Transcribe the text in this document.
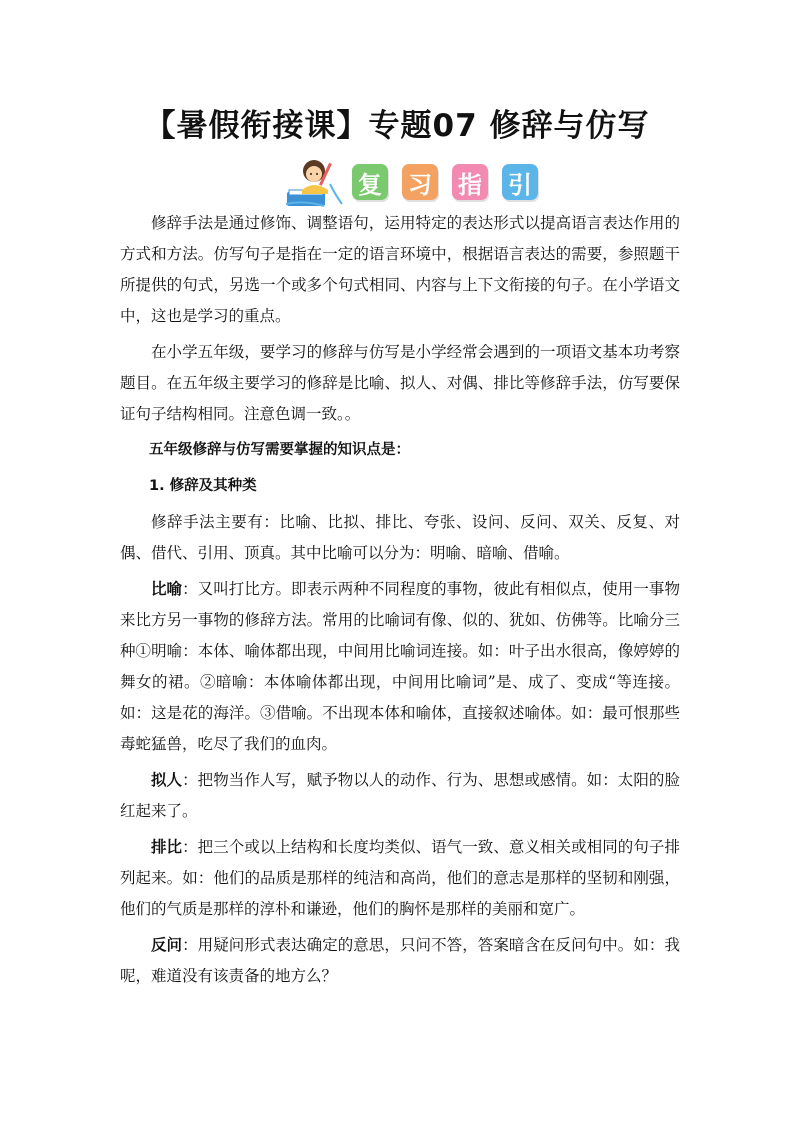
【暑假衔接课】专题07 修辞与仿写
复 习 指 引

修辞手法是通过修饰、调整语句，运用特定的表达形式以提高语言表达作用的方式和方法。仿写句子是指在一定的语言环境中，根据语言表达的需要，参照题干所提供的句式，另选一个或多个句式相同、内容与上下文衔接的句子。在小学语文中，这也是学习的重点。

在小学五年级，要学习的修辞与仿写是小学经常会遇到的一项语文基本功考察题目。在五年级主要学习的修辞是比喻、拟人、对偶、排比等修辞手法，仿写要保证句子结构相同。注意色调一致。。

五年级修辞与仿写需要掌握的知识点是：

1. 修辞及其种类

修辞手法主要有：比喻、比拟、排比、夸张、设问、反问、双关、反复、对偶、借代、引用、顶真。其中比喻可以分为：明喻、暗喻、借喻。

比喻：又叫打比方。即表示两种不同程度的事物，彼此有相似点，使用一事物来比方另一事物的修辞方法。常用的比喻词有像、似的、犹如、仿佛等。比喻分三种①明喻：本体、喻体都出现，中间用比喻词连接。如：叶子出水很高，像婷婷的舞女的裙。②暗喻：本体喻体都出现，中间用比喻词”是、成了、变成“等连接。如：这是花的海洋。③借喻。不出现本体和喻体，直接叙述喻体。如：最可恨那些毒蛇猛兽，吃尽了我们的血肉。

拟人：把物当作人写，赋予物以人的动作、行为、思想或感情。如：太阳的脸红起来了。

排比：把三个或以上结构和长度均类似、语气一致、意义相关或相同的句子排列起来。如：他们的品质是那样的纯洁和高尚，他们的意志是那样的坚韧和刚强，他们的气质是那样的淳朴和谦逊，他们的胸怀是那样的美丽和宽广。

反问：用疑问形式表达确定的意思，只问不答，答案暗含在反问句中。如：我呢，难道没有该责备的地方么？
